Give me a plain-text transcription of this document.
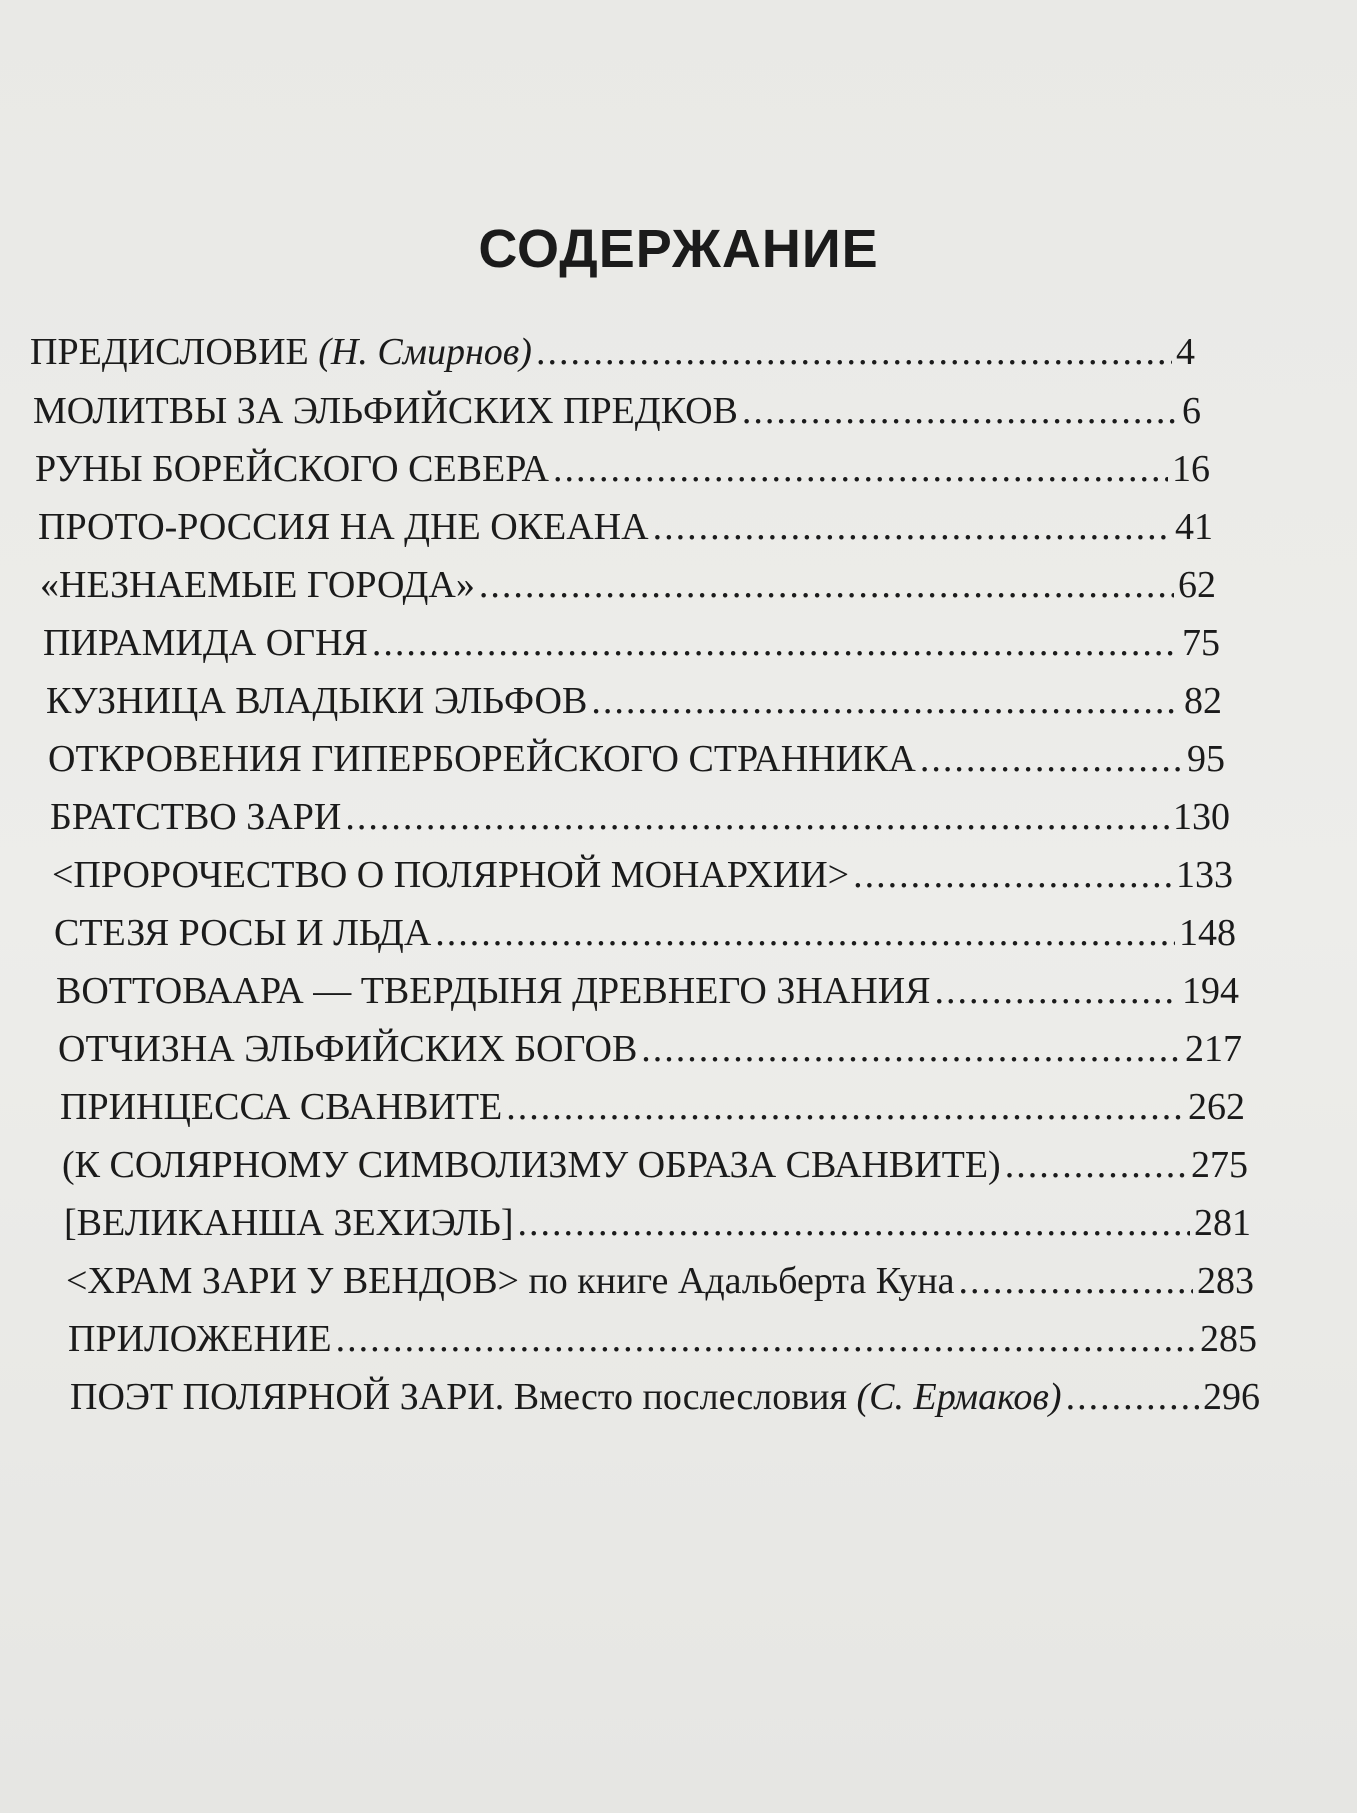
СОДЕРЖАНИЕ
ПРЕДИСЛОВИЕ (Н. Смирнов) .....	4
МОЛИТВЫ ЗА ЭЛЬФИЙСКИХ ПРЕДКОВ .....	6
РУНЫ БОРЕЙСКОГО СЕВЕРА .....	16
ПРОТО-РОССИЯ НА ДНЕ ОКЕАНА .....	41
«НЕЗНАЕМЫЕ ГОРОДА» .....	62
ПИРАМИДА ОГНЯ .....	75
КУЗНИЦА ВЛАДЫКИ ЭЛЬФОВ .....	82
ОТКРОВЕНИЯ ГИПЕРБОРЕЙСКОГО СТРАННИКА .....	95
БРАТСТВО ЗАРИ .....	130
<ПРОРОЧЕСТВО О ПОЛЯРНОЙ МОНАРХИИ> .....	133
СТЕЗЯ РОСЫ И ЛЬДА .....	148
ВОТТОВААРА — ТВЕРДЫНЯ ДРЕВНЕГО ЗНАНИЯ .....	194
ОТЧИЗНА ЭЛЬФИЙСКИХ БОГОВ .....	217
ПРИНЦЕССА СВАНВИТЕ .....	262
(К СОЛЯРНОМУ СИМВОЛИЗМУ ОБРАЗА СВАНВИТЕ) .....	275
[ВЕЛИКАНША ЗЕХИЭЛЬ] .....	281
<ХРАМ ЗАРИ У ВЕНДОВ> по книге Адальберта Куна .....	283
ПРИЛОЖЕНИЕ .....	285
ПОЭТ ПОЛЯРНОЙ ЗАРИ. Вместо послесловия (С. Ермаков) .....	296
